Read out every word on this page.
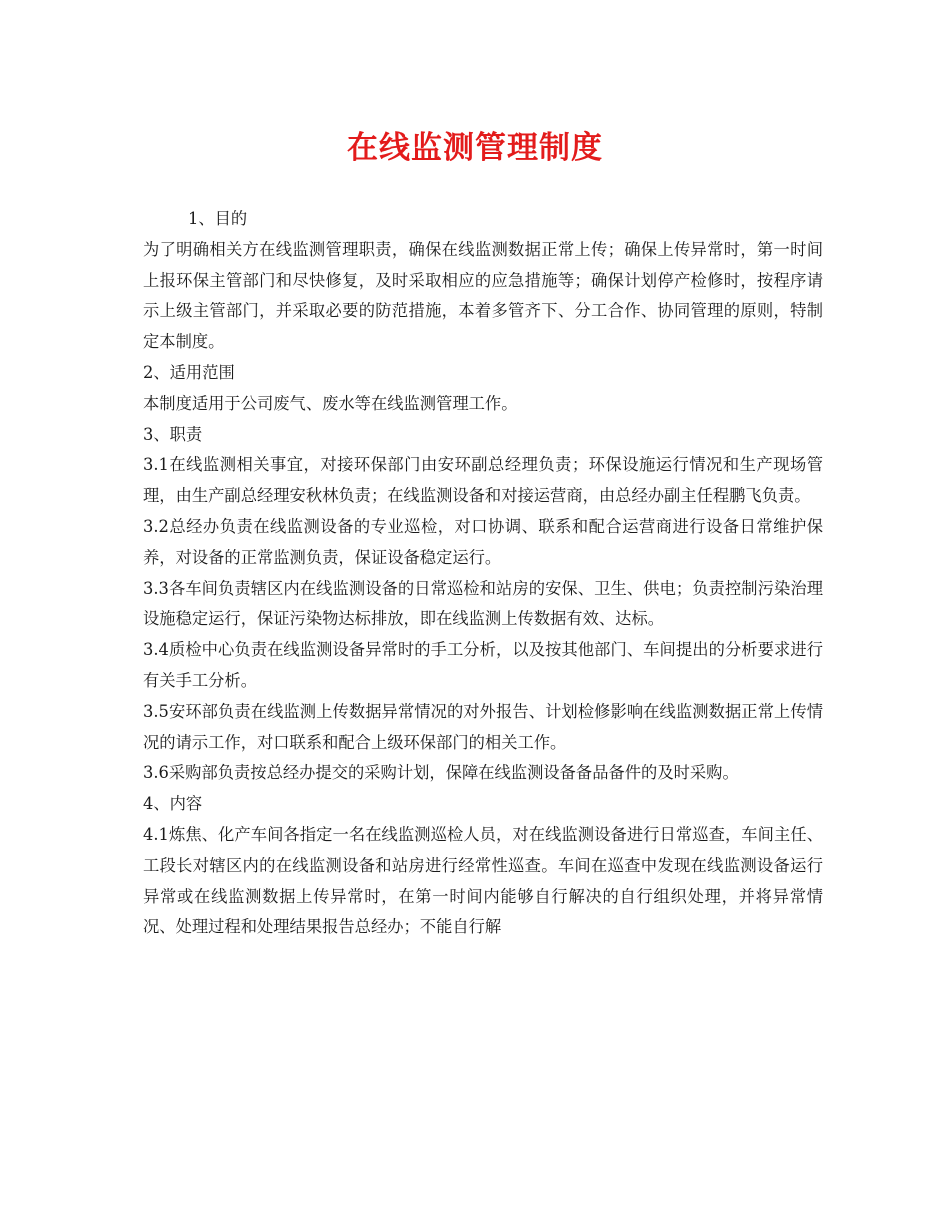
在线监测管理制度

1、目的

为了明确相关方在线监测管理职责，确保在线监测数据正常上传；确保上传异常时，第一时间上报环保主管部门和尽快修复，及时采取相应的应急措施等；确保计划停产检修时，按程序请示上级主管部门，并采取必要的防范措施，本着多管齐下、分工合作、协同管理的原则，特制定本制度。

2、适用范围

本制度适用于公司废气、废水等在线监测管理工作。

3、职责

3.1在线监测相关事宜，对接环保部门由安环副总经理负责；环保设施运行情况和生产现场管理，由生产副总经理安秋林负责；在线监测设备和对接运营商，由总经办副主任程鹏飞负责。

3.2总经办负责在线监测设备的专业巡检，对口协调、联系和配合运营商进行设备日常维护保养，对设备的正常监测负责，保证设备稳定运行。

3.3各车间负责辖区内在线监测设备的日常巡检和站房的安保、卫生、供电；负责控制污染治理设施稳定运行，保证污染物达标排放，即在线监测上传数据有效、达标。

3.4质检中心负责在线监测设备异常时的手工分析，以及按其他部门、车间提出的分析要求进行有关手工分析。

3.5安环部负责在线监测上传数据异常情况的对外报告、计划检修影响在线监测数据正常上传情况的请示工作，对口联系和配合上级环保部门的相关工作。

3.6采购部负责按总经办提交的采购计划，保障在线监测设备备品备件的及时采购。

4、内容

4.1炼焦、化产车间各指定一名在线监测巡检人员，对在线监测设备进行日常巡查，车间主任、工段长对辖区内的在线监测设备和站房进行经常性巡查。车间在巡查中发现在线监测设备运行异常或在线监测数据上传异常时，在第一时间内能够自行解决的自行组织处理，并将异常情况、处理过程和处理结果报告总经办；不能自行解
